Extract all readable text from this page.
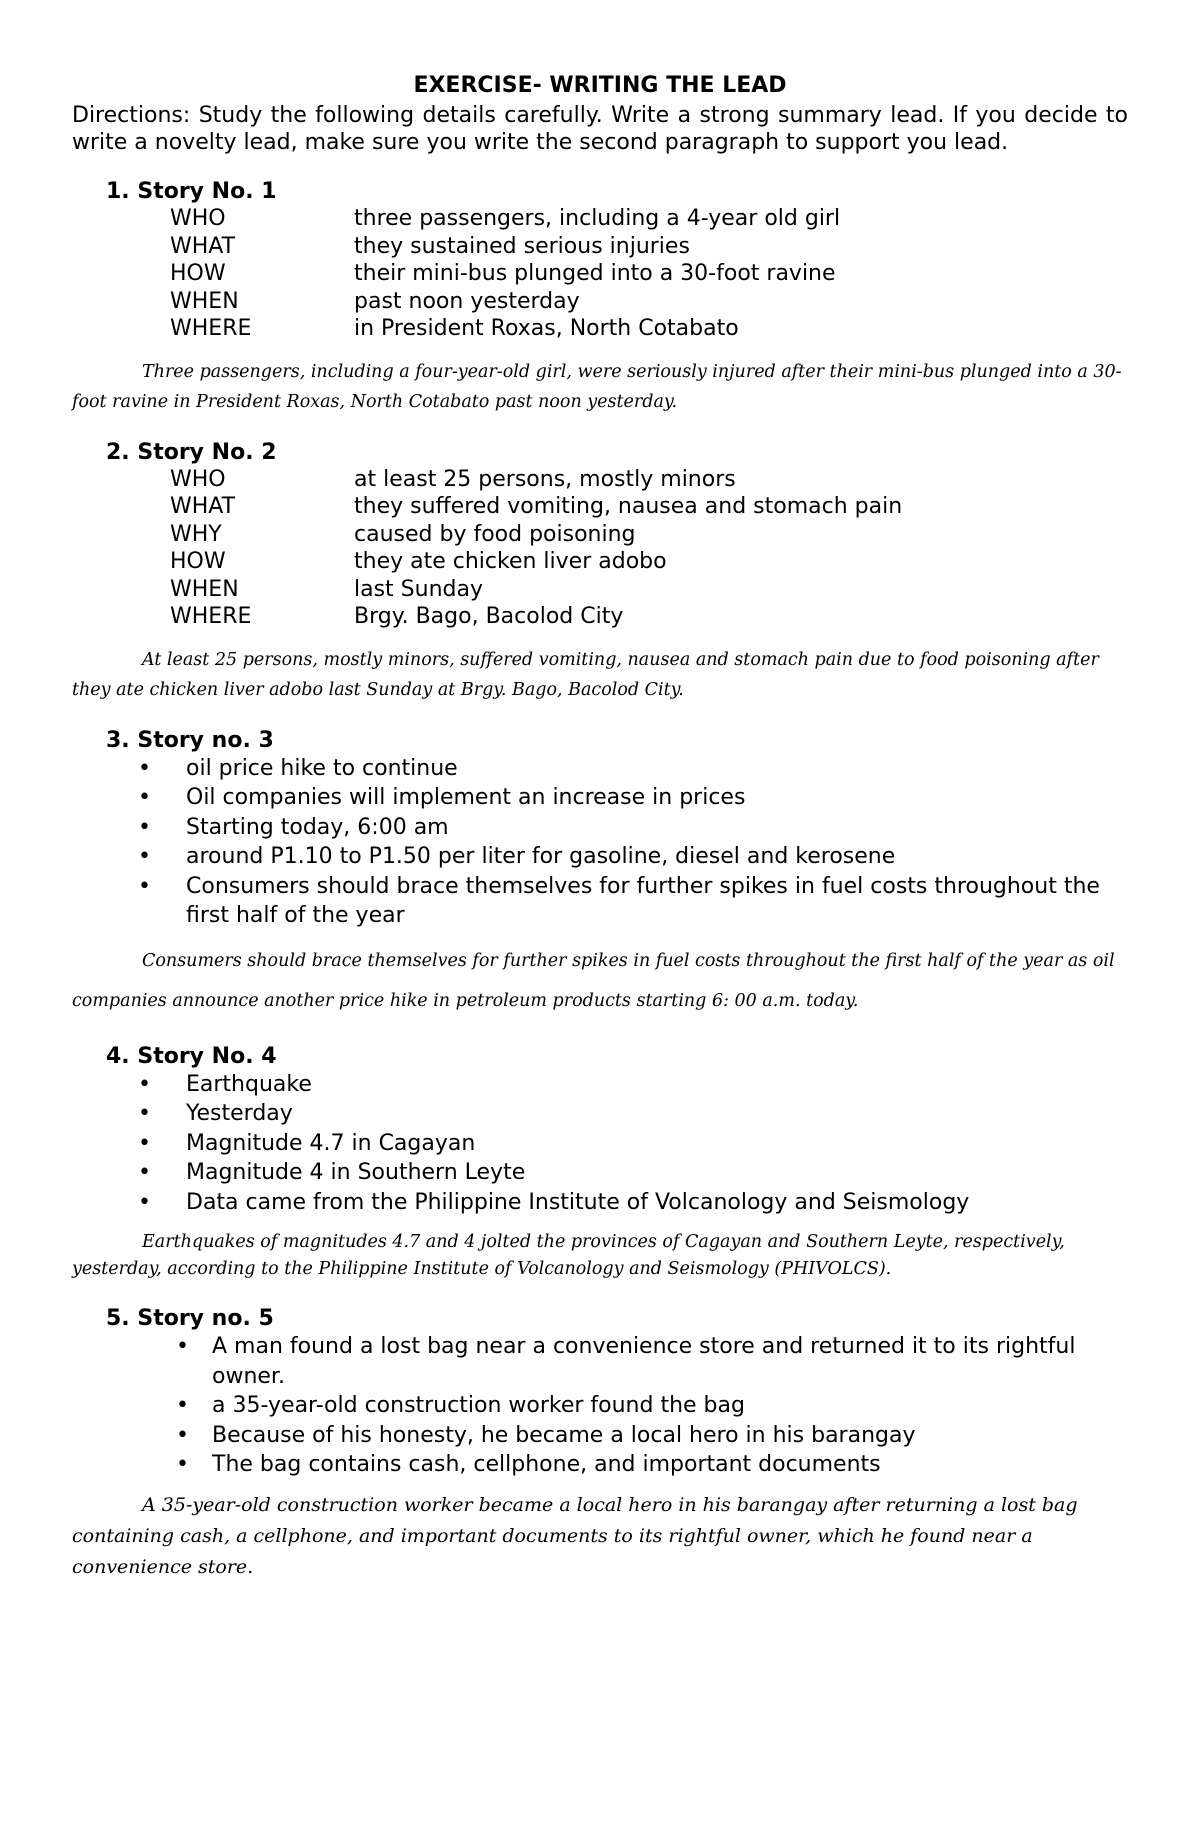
EXERCISE- WRITING THE LEAD

Directions: Study the following details carefully. Write a strong summary lead. If you decide to write a novelty lead, make sure you write the second paragraph to support you lead.

1. Story No. 1
WHO	three passengers, including a 4-year old girl
WHAT	they sustained serious injuries
HOW	their mini-bus plunged into a 30-foot ravine
WHEN	past noon yesterday
WHERE	in President Roxas, North Cotabato

Three passengers, including a four-year-old girl, were seriously injured after their mini-bus plunged into a 30-foot ravine in President Roxas, North Cotabato past noon yesterday.

2. Story No. 2
WHO	at least 25 persons, mostly minors
WHAT	they suffered vomiting, nausea and stomach pain
WHY	caused by food poisoning
HOW	they ate chicken liver adobo
WHEN	last Sunday
WHERE	Brgy. Bago, Bacolod City

At least 25 persons, mostly minors, suffered vomiting, nausea and stomach pain due to food poisoning after they ate chicken liver adobo last Sunday at Brgy. Bago, Bacolod City.

3. Story no. 3
• oil price hike to continue
• Oil companies will implement an increase in prices
• Starting today, 6:00 am
• around P1.10 to P1.50 per liter for gasoline, diesel and kerosene
• Consumers should brace themselves for further spikes in fuel costs throughout the first half of the year

Consumers should brace themselves for further spikes in fuel costs throughout the first half of the year as oil companies announce another price hike in petroleum products starting 6: 00 a.m. today.

4. Story No. 4
• Earthquake
• Yesterday
• Magnitude 4.7 in Cagayan
• Magnitude 4 in Southern Leyte
• Data came from the Philippine Institute of Volcanology and Seismology

Earthquakes of magnitudes 4.7 and 4 jolted the provinces of Cagayan and Southern Leyte, respectively, yesterday, according to the Philippine Institute of Volcanology and Seismology (PHIVOLCS).

5. Story no. 5
• A man found a lost bag near a convenience store and returned it to its rightful owner.
• a 35-year-old construction worker found the bag
• Because of his honesty, he became a local hero in his barangay
• The bag contains cash, cellphone, and important documents

A 35-year-old construction worker became a local hero in his barangay after returning a lost bag containing cash, a cellphone, and important documents to its rightful owner, which he found near a convenience store.
